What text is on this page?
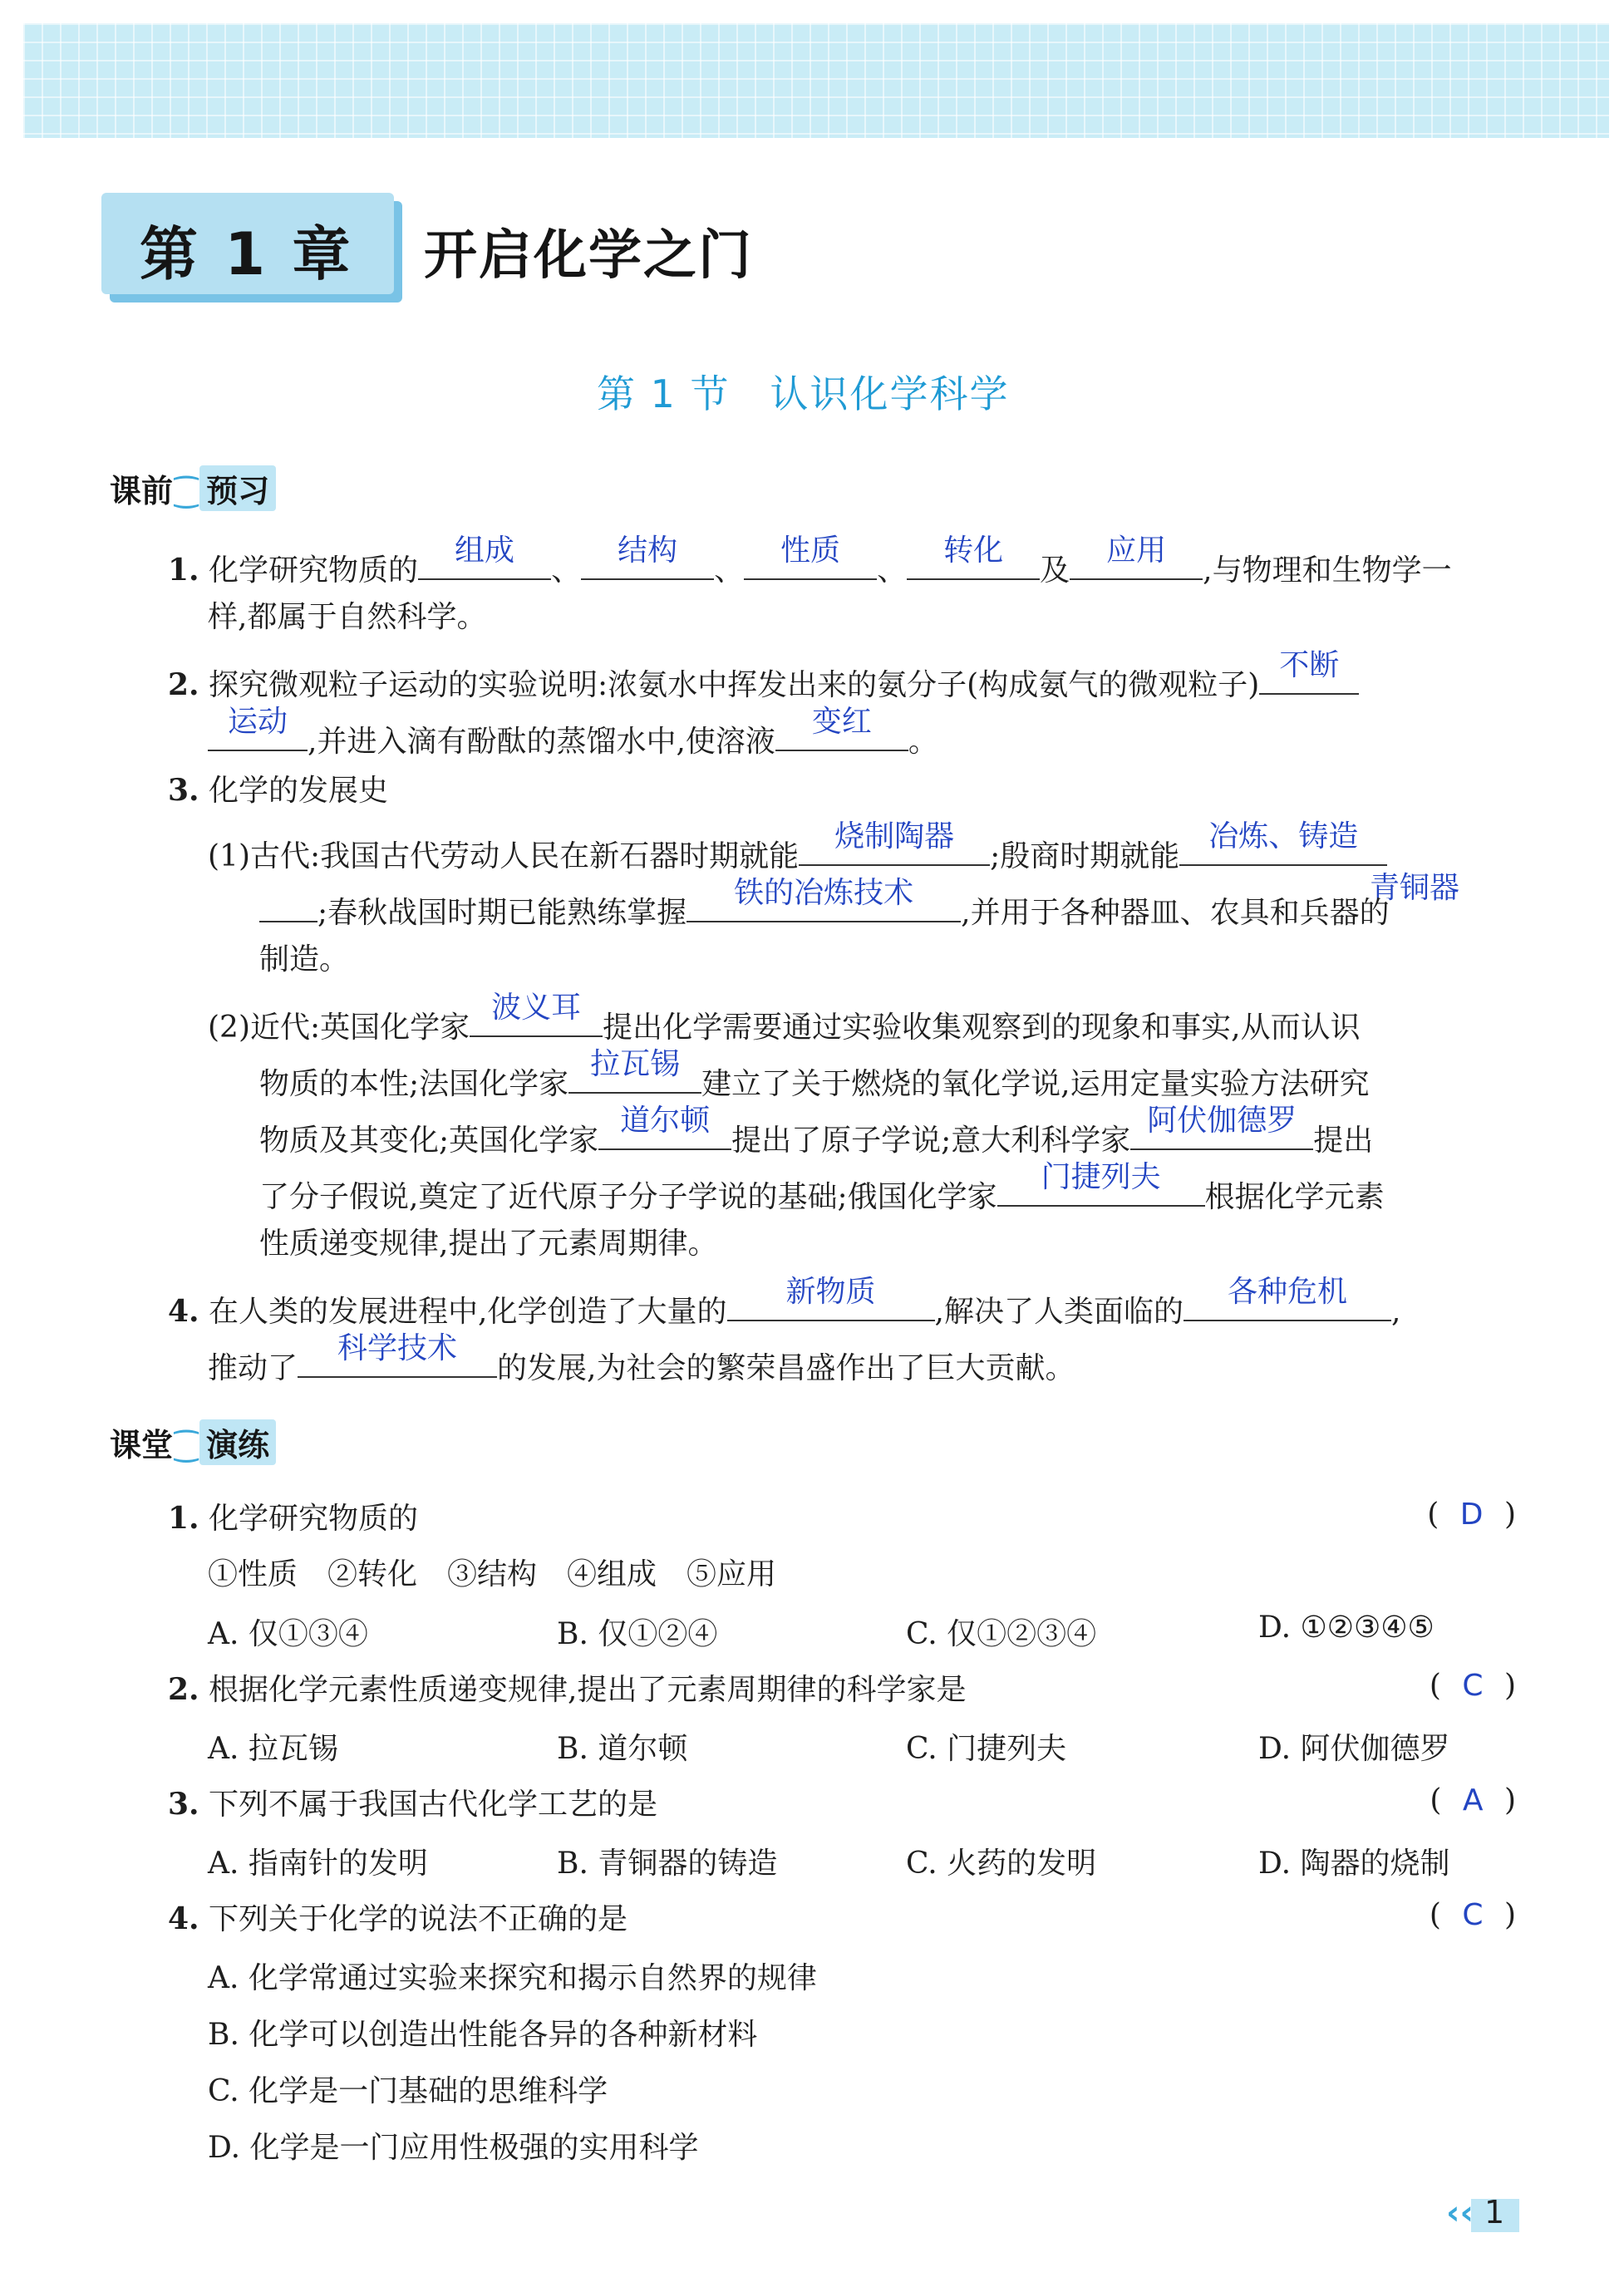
第 1 章 开启化学之门
第 1 节　认识化学科学
课前⁐ 预习
1. 化学研究物质的
组成
、
结构
、
性质
、
转化
及
应用
,与物理和生物学一
样,都属于自然科学。
2. 探究微观粒子运动的实验说明:浓氨水中挥发出来的氨分子(构成氨气的微观粒子)
不断
运动
,并进入滴有酚酞的蒸馏水中,使溶液
变红
。
3. 化学的发展史
(1)古代:我国古代劳动人民在新石器时期就能
烧制陶器
;殷商时期就能
冶炼、铸造
青铜器
;春秋战国时期已能熟练掌握
铁的冶炼技术
,并用于各种器皿、农具和兵器的
制造。
(2)近代:英国化学家
波义耳
提出化学需要通过实验收集观察到的现象和事实,从而认识
物质的本性;法国化学家
拉瓦锡
建立了关于燃烧的氧化学说,运用定量实验方法研究
物质及其变化;英国化学家
道尔顿
提出了原子学说;意大利科学家
阿伏伽德罗
提出
了分子假说,奠定了近代原子分子学说的基础;俄国化学家
门捷列夫
根据化学元素
性质递变规律,提出了元素周期律。
4. 在人类的发展进程中,化学创造了大量的
新物质
,解决了人类面临的
各种危机
,
推动了
科学技术
的发展,为社会的繁荣昌盛作出了巨大贡献。
课堂⁐ 演练
1. 化学研究物质的	( D )
①性质　②转化　③结构　④组成　⑤应用
A. 仅①③④	B. 仅①②④	C. 仅①②③④	D. ①②③④⑤
2. 根据化学元素性质递变规律,提出了元素周期律的科学家是	( C )
A. 拉瓦锡	B. 道尔顿	C. 门捷列夫	D. 阿伏伽德罗
3. 下列不属于我国古代化学工艺的是	( A )
A. 指南针的发明	B. 青铜器的铸造	C. 火药的发明	D. 陶器的烧制
4. 下列关于化学的说法不正确的是	( C )
A. 化学常通过实验来探究和揭示自然界的规律
B. 化学可以创造出性能各异的各种新材料
C. 化学是一门基础的思维科学
D. 化学是一门应用性极强的实用科学
‹‹ 1
